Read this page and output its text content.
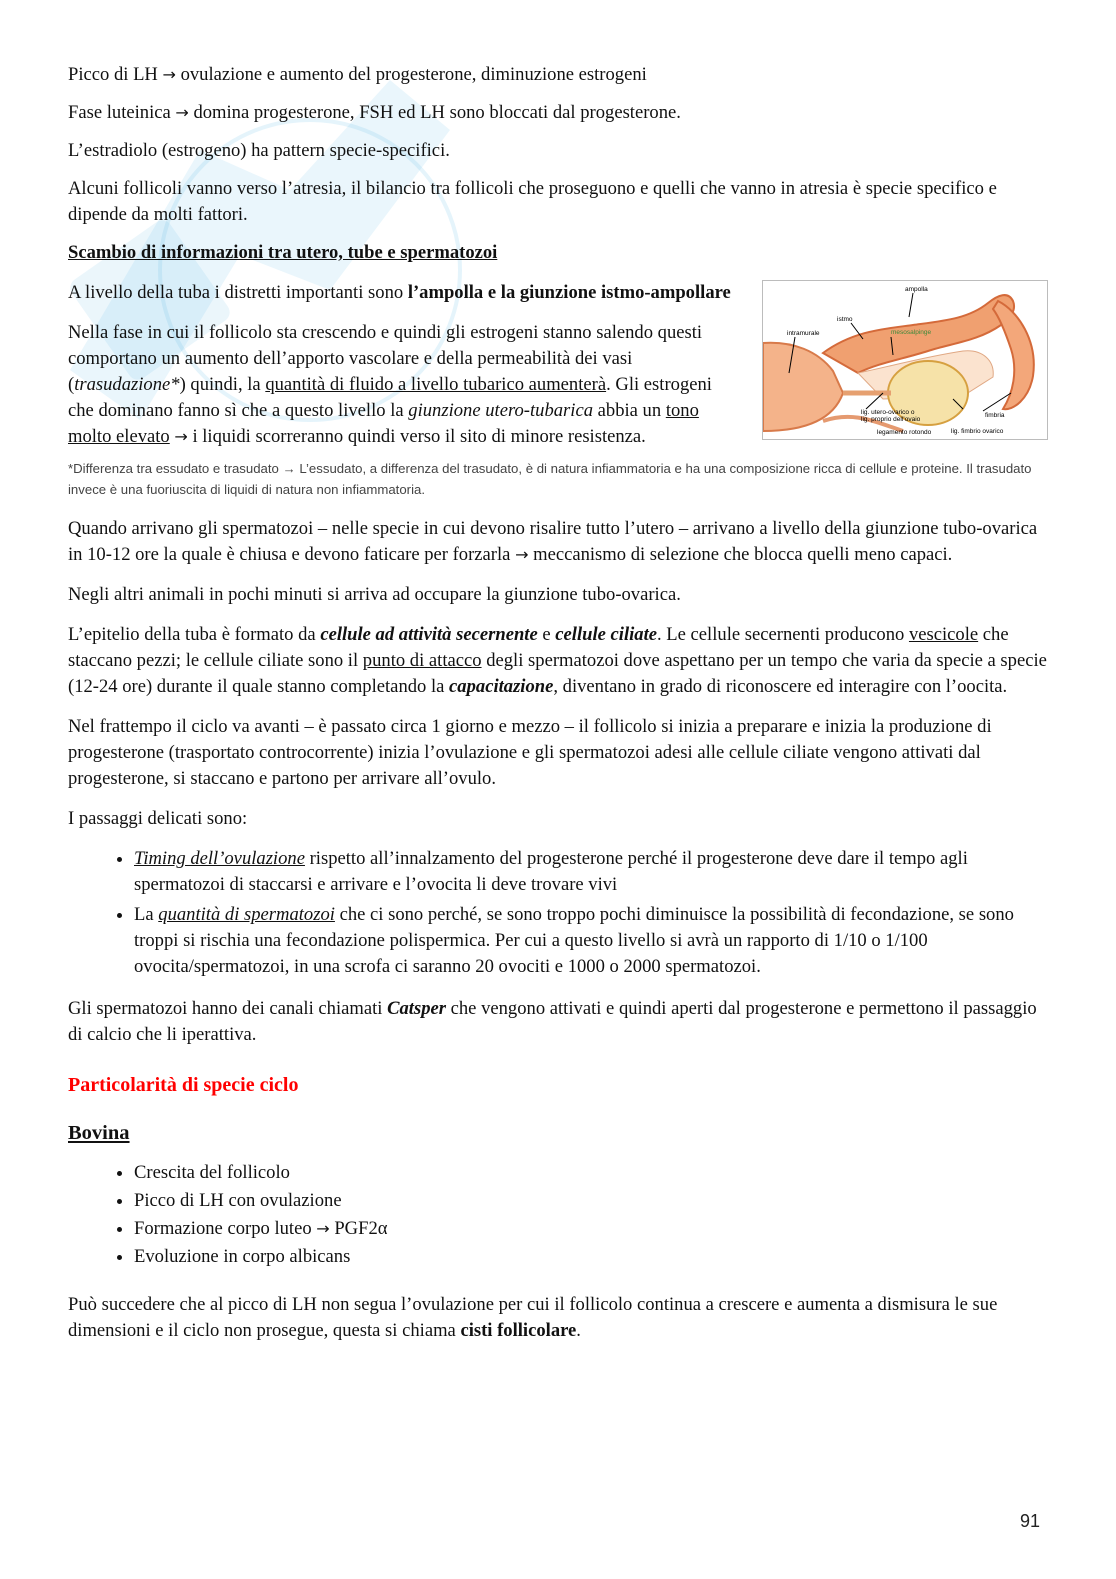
Picco di LH → ovulazione e aumento del progesterone, diminuzione estrogeni

Fase luteinica → domina progesterone, FSH ed LH sono bloccati dal progesterone.

L’estradiolo (estrogeno) ha pattern specie-specifici.

Alcuni follicoli vanno verso l’atresia, il bilancio tra follicoli che proseguono e quelli che vanno in atresia è specie specifico e dipende da molti fattori.

Scambio di informazioni tra utero, tube e spermatozoi

ampolla
istmo
intramurale	mesosalpinge
lig. utero-ovarico o
lig. proprio dell’ovaio
fimbria
legamento rotondo	lig. fimbrio ovarico

A livello della tuba i distretti importanti sono l’ampolla e la giunzione istmo-ampollare

Nella fase in cui il follicolo sta crescendo e quindi gli estrogeni stanno salendo questi comportano un aumento dell’apporto vascolare e della permeabilità dei vasi (trasudazione*) quindi, la quantità di fluido a livello tubarico aumenterà. Gli estrogeni che dominano fanno sì che a questo livello la giunzione utero-tubarica abbia un tono molto elevato → i liquidi scorreranno quindi verso il sito di minore resistenza.

*Differenza tra essudato e trasudato → L’essudato, a differenza del trasudato, è di natura infiammatoria e ha una composizione ricca di cellule e proteine. Il trasudato invece è una fuoriuscita di liquidi di natura non infiammatoria.

Quando arrivano gli spermatozoi – nelle specie in cui devono risalire tutto l’utero – arrivano a livello della giunzione tubo-ovarica in 10-12 ore la quale è chiusa e devono faticare per forzarla → meccanismo di selezione che blocca quelli meno capaci.

Negli altri animali in pochi minuti si arriva ad occupare la giunzione tubo-ovarica.

L’epitelio della tuba è formato da cellule ad attività secernente e cellule ciliate. Le cellule secernenti producono vescicole che staccano pezzi; le cellule ciliate sono il punto di attacco degli spermatozoi dove aspettano per un tempo che varia da specie a specie (12-24 ore) durante il quale stanno completando la capacitazione, diventano in grado di riconoscere ed interagire con l’oocita.

Nel frattempo il ciclo va avanti – è passato circa 1 giorno e mezzo – il follicolo si inizia a preparare e inizia la produzione di progesterone (trasportato controcorrente) inizia l’ovulazione e gli spermatozoi adesi alle cellule ciliate vengono attivati dal progesterone, si staccano e partono per arrivare all’ovulo.

I passaggi delicati sono:

• Timing dell’ovulazione rispetto all’innalzamento del progesterone perché il progesterone deve dare il tempo agli spermatozoi di staccarsi e arrivare e l’ovocita li deve trovare vivi
• La quantità di spermatozoi che ci sono perché, se sono troppo pochi diminuisce la possibilità di fecondazione, se sono troppi si rischia una fecondazione polispermica. Per cui a questo livello si avrà un rapporto di 1/10 o 1/100 ovocita/spermatozoi, in una scrofa ci saranno 20 ovociti e 1000 o 2000 spermatozoi.

Gli spermatozoi hanno dei canali chiamati Catsper che vengono attivati e quindi aperti dal progesterone e permettono il passaggio di calcio che li iperattiva.

Particolarità di specie ciclo
Bovina
• Crescita del follicolo
• Picco di LH con ovulazione
• Formazione corpo luteo → PGF2α
• Evoluzione in corpo albicans

Può succedere che al picco di LH non segua l’ovulazione per cui il follicolo continua a crescere e aumenta a dismisura le sue dimensioni e il ciclo non prosegue, questa si chiama cisti follicolare.

91
